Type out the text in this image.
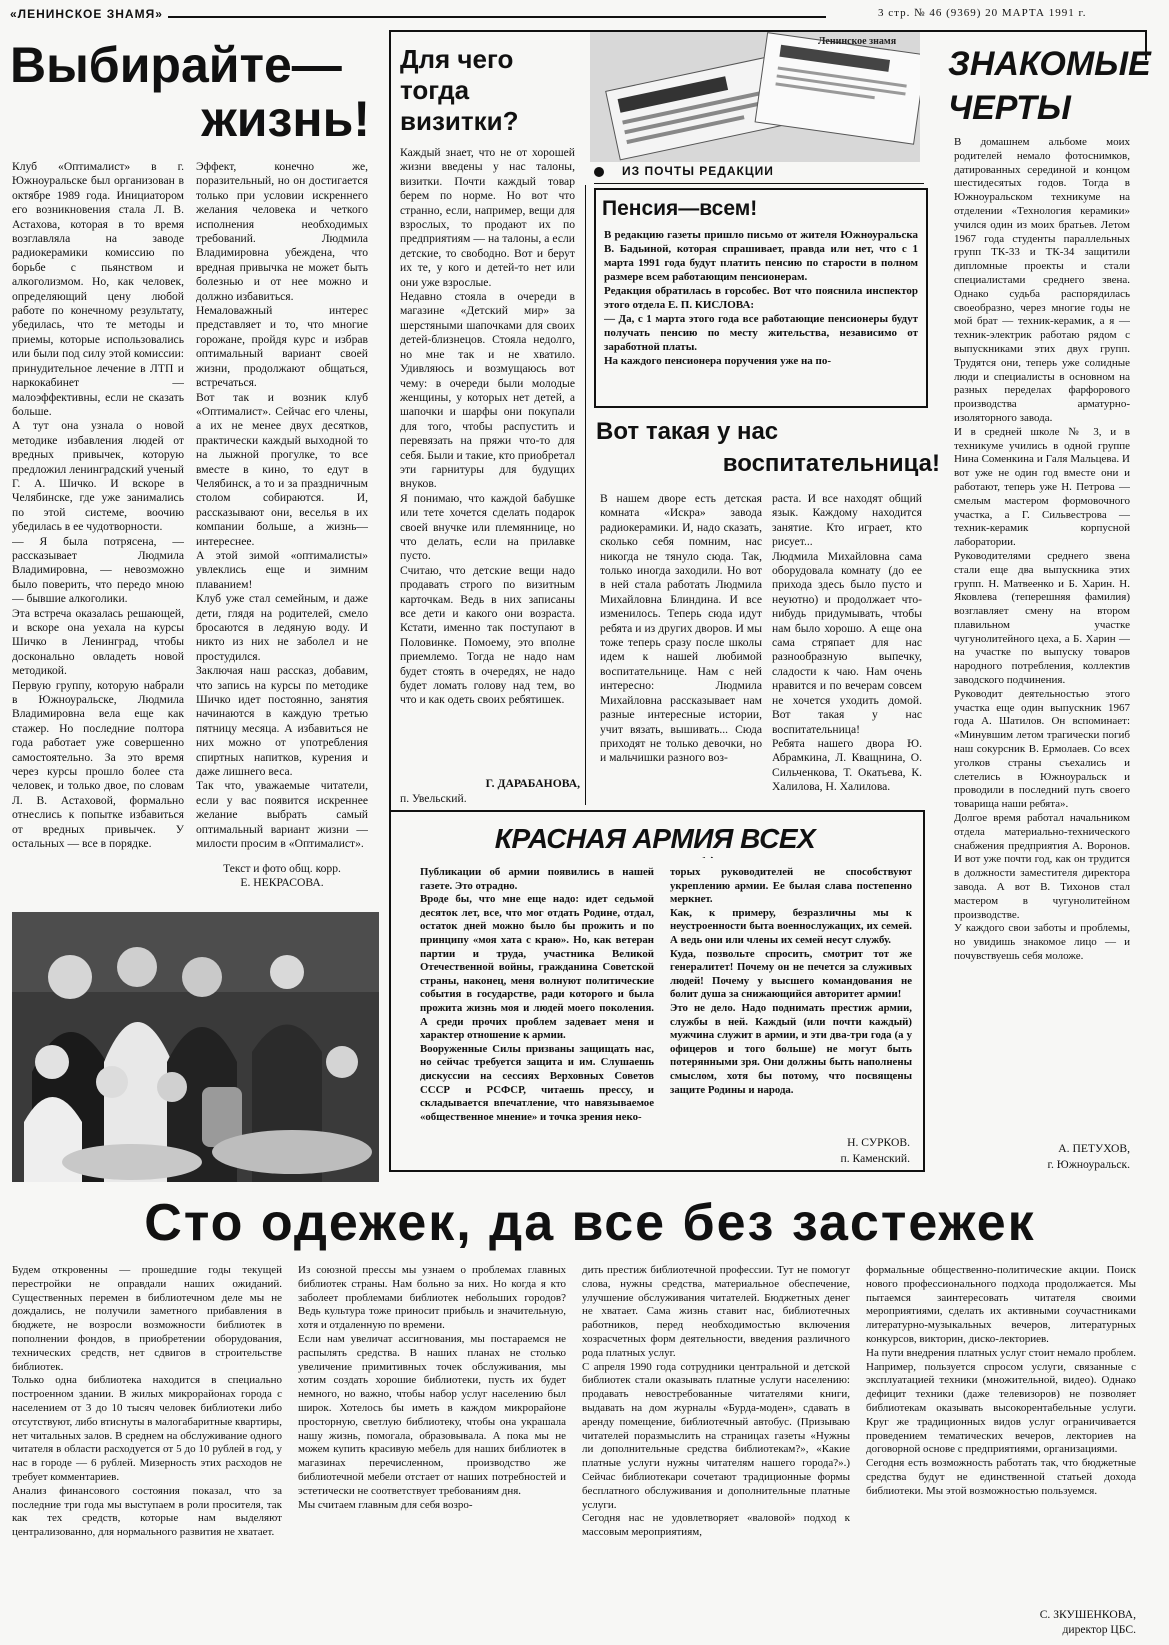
«ЛЕНИНСКОЕ ЗНАМЯ»	3 стр. № 46 (9369) 20 МАРТА 1991 г.
Выбирайте—
жизнь!
Клуб «Оптималист» в г. Южноуральске был организован в октябре 1989 года. Инициатором его возникновения стала Л. В. Астахова, которая в то время возглавляла на заводе радиокерамики комиссию по борьбе с пьянством и алкоголизмом. Но, как человек, определяющий цену любой работе по конечному результату, убедилась, что те методы и приемы, которые использовались или были под силу этой комиссии: принудительное лечение в ЛТП и наркокабинет — малоэффективны, если не сказать больше.
А тут она узнала о новой методике избавления людей от вредных привычек, которую предложил ленинградский ученый Г. А. Шичко. И вскоре в Челябинске, где уже занимались по этой системе, воочию убедилась в ее чудотворности.
— Я была потрясена, — рассказывает Людмила Владимировна, — невозможно было поверить, что передо мною — бывшие алкоголики.
Эта встреча оказалась решающей, и вскоре она уехала на курсы Шичко в Ленинград, чтобы досконально овладеть новой методикой.
Первую группу, которую набрали в Южноуральске, Людмила Владимировна вела еще как стажер. Но последние полтора года работает уже совершенно самостоятельно. За это время через курсы прошло более ста человек, и только двое, по словам Л. В. Астаховой, формально отнеслись к попытке избавиться от вредных привычек. У остальных — все в порядке.
Эффект, конечно же, поразительный, но он достигается только при условии искреннего желания человека и четкого исполнения необходимых требований. Людмила Владимировна убеждена, что вредная привычка не может быть болезнью и от нее можно и должно избавиться.
Немаловажный интерес представляет и то, что многие горожане, пройдя курс и избрав оптимальный вариант своей жизни, продолжают общаться, встречаться.
Вот так и возник клуб «Оптималист». Сейчас его члены, а их не менее двух десятков, практически каждый выходной то на лыжной прогулке, то все вместе в кино, то едут в Челябинск, а то и за праздничным столом собираются. И, рассказывают они, веселья в их компании больше, а жизнь—интереснее.
А этой зимой «оптималисты» увлеклись еще и зимним плаванием!
Клуб уже стал семейным, и даже дети, глядя на родителей, смело бросаются в ледяную воду. И никто из них не заболел и не простудился.
Заключая наш рассказ, добавим, что запись на курсы по методике Шичко идет постоянно, занятия начинаются в каждую третью пятницу месяца. А избавиться не них можно от употребления спиртных напитков, курения и даже лишнего веса.
Так что, уважаемые читатели, если у вас появится искреннее желание выбрать самый оптимальный вариант жизни — милости просим в «Оптималист».
Текст и фото общ. корр.
Е. НЕКРАСОВА.
Для чего тогда визитки?
Каждый знает, что не от хорошей жизни введены у нас талоны, визитки. Почти каждый товар берем по норме. Но вот что странно, если, например, вещи для взрослых, то продают их по предприятиям — на талоны, а если детские, то свободно. Вот и берут их те, у кого и детей-то нет или они уже взрослые.
Недавно стояла в очереди в магазине «Детский мир» за шерстяными шапочками для своих детей-близнецов. Стояла недолго, но мне так и не хватило. Удивляюсь и возмущаюсь вот чему: в очереди были молодые женщины, у которых нет детей, а шапочки и шарфы они покупали для того, чтобы распустить и перевязать на пряжи что-то для себя. Были и такие, кто приобретал эти гарнитуры для будущих внуков.
Я понимаю, что каждой бабушке или тете хочется сделать подарок своей внучке или племяннице, но что делать, если на прилавке пусто.
Считаю, что детские вещи надо продавать строго по визитным карточкам. Ведь в них записаны все дети и какого они возраста. Кстати, именно так поступают в Половинке. Помоему, это вполне приемлемо. Тогда не надо нам будет стоять в очередях, не надо будет ломать голову над тем, во что и как одеть своих ребятишек.
Г. ДАРАБАНОВА,
п. Увельский.
Ленинское знамя
ИЗ ПОЧТЫ РЕДАКЦИИ
Пенсия—всем!
В редакцию газеты пришло письмо от жителя Южноуральска В. Бадьиной, которая спрашивает, правда или нет, что с 1 марта 1991 года будут платить пенсию по старости в полном размере всем работающим пенсионерам.
Редакция обратилась в горсобес. Вот что пояснила инспектор этого отдела Е. П. КИСЛОВА:
— Да, с 1 марта этого года все работающие пенсионеры будут получать пенсию по месту жительства, независимо от заработной платы.
На каждого пенсионера поручения уже на по-
Вот такая у нас
воспитательница!
В нашем дворе есть детская комната «Искра» завода радиокерамики. И, надо сказать, сколько себя помним, нас никогда не тянуло сюда. Так, только иногда заходили. Но вот в ней стала работать Людмила Михайловна Блиндина. И все изменилось. Теперь сюда идут ребята и из других дворов. И мы тоже теперь сразу после школы идем к нашей любимой воспитательнице. Нам с ней интересно: Людмила Михайловна рассказывает нам разные интересные истории, учит вязать, вышивать... Сюда приходят не только девочки, но и мальчишки разного воз-
раста. И все находят общий язык. Каждому находится занятие. Кто играет, кто рисует...
Людмила Михайловна сама оборудовала комнату (до ее прихода здесь было пусто и неуютно) и продолжает что-нибудь придумывать, чтобы нам было хорошо. А еще она сама стряпает для нас разнообразную выпечку, сладости к чаю. Нам очень нравится и по вечерам совсем не хочется уходить домой. Вот такая у нас воспитательница!
Ребята нашего двора Ю. Абрамкина, Л. Кващнина, О. Сильченкова, Т. Окатьева, К. Халилова, Н. Халилова.
КРАСНАЯ АРМИЯ ВСЕХ
Публикации об армии появились в нашей газете. Это отрадно.
Вроде бы, что мне еще надо: идет седьмой десяток лет, все, что мог отдать Родине, отдал, остаток дней можно было бы прожить и по принципу «моя хата с краю». Но, как ветеран партии и труда, участника Великой Отечественной войны, гражданина Советской страны, наконец, меня волнуют политические события в государстве, ради которого и была прожита жизнь моя и людей моего поколения. А среди прочих проблем задевает меня и характер отношение к армии.
Вооруженные Силы призваны защищать нас, но сейчас требуется защита и им. Слушаешь дискуссии на сессиях Верховных Советов СССР и РСФСР, читаешь прессу, и складывается впечатление, что навязываемое «общественное мнение» и точка зрения неко-
торых руководителей не способствуют укреплению армии. Ее былая слава постепенно меркнет.
Как, к примеру, безразличны мы к неустроенности быта военнослужащих, их семей. А ведь они или члены их семей несут службу.
Куда, позвольте спросить, смотрит тот же генералитет! Почему он не печется за служивых людей! Почему у высшего командования не болит душа за снижающийся авторитет армии!
Это не дело. Надо поднимать престиж армии, службы в ней. Каждый (или почти каждый) мужчина служит в армии, и эти два-три года (а у офицеров и того больше) не могут быть потерянными зря. Они должны быть наполнены смыслом, хотя бы потому, что посвящены защите Родины и народа.
Н. СУРКОВ.
п. Каменский.
ЗНАКОМЫЕ
ЧЕРТЫ
В домашнем альбоме моих родителей немало фотоснимков, датированных серединой и концом шестидесятых годов. Тогда в Южноуральском техникуме на отделении «Технология керамики» учился один из моих братьев. Летом 1967 года студенты параллельных групп ТК-33 и ТК-34 защитили дипломные проекты и стали специалистами среднего звена. Однако судьба распорядилась своеобразно, через многие годы не мой брат — техник-керамик, а я — техник-электрик работаю рядом с выпускниками этих двух групп. Трудятся они, теперь уже солидные люди и специалисты в основном на разных переделах фарфорового производства арматурно-изоляторного завода.
И в средней школе № 3, и в техникуме учились в одной группе Нина Соменкина и Галя Мальцева. И вот уже не один год вместе они и работают, теперь уже Н. Петрова — смелым мастером формовочного участка, а Г. Сильвестрова — техник-керамик корпусной лаборатории.
Руководителями среднего звена стали еще два выпускника этих групп. Н. Матвеенко и Б. Харин. Н. Яковлева (теперешняя фамилия) возглавляет смену на втором плавильном участке чугунолитейного цеха, а Б. Харин — на участке по выпуску товаров народного потребления, коллектив заводского подчинения.
Руководит деятельностью этого участка еще один выпускник 1967 года А. Шатилов. Он вспоминает: «Минувшим летом трагически погиб наш сокурсник В. Ермолаев. Со всех уголков страны съехались и слетелись в Южноуральск и проводили в последний путь своего товарища наши ребята».
Долгое время работал начальником отдела материально-технического снабжения предприятия А. Воронов. И вот уже почти год, как он трудится в должности заместителя директора завода. А вот В. Тихонов стал мастером в чугунолитейном производстве.
У каждого свои заботы и проблемы, но увидишь знакомое лицо — и почувствуешь себя моложе.
А. ПЕТУХОВ,
г. Южноуральск.
Сто одежек, да все без застежек
Будем откровенны — прошедшие годы текущей перестройки не оправдали наших ожиданий. Существенных перемен в библиотечном деле мы не дождались, не получили заметного прибавления в бюджете, не возросли возможности библиотек в пополнении фондов, в приобретении оборудования, технических средств, нет сдвигов в строительстве библиотек.
Только одна библиотека находится в специально построенном здании. В жилых микрорайонах города с населением от 3 до 10 тысяч человек библиотеки либо отсутствуют, либо втиснуты в малогабаритные квартиры, нет читальных залов. В среднем на обслуживание одного читателя в области расходуется от 5 до 10 рублей в год, у нас в городе — 6 рублей. Мизерность этих расходов не требует комментариев.
Анализ финансового состояния показал, что за последние три года мы выступаем в роли просителя, так как тех средств, которые нам выделяют централизованно, для нормального развития не хватает.
Из союзной прессы мы узнаем о проблемах главных библиотек страны. Нам больно за них. Но когда я кто заболеет проблемами библиотек небольших городов? Ведь культура тоже приносит прибыль и значительную, хотя и отдаленную по времени.
Если нам увеличат ассигнования, мы постараемся не распылять средства. В наших планах не столько увеличение примитивных точек обслуживания, мы хотим создать хорошие библиотеки, пусть их будет немного, но важно, чтобы набор услуг населению был широк. Хотелось бы иметь в каждом микрорайоне просторную, светлую библиотеку, чтобы она украшала нашу жизнь, помогала, образовывала. А пока мы не можем купить красивую мебель для наших библиотек в магазинах перечисленном, производство же библиотечной мебели отстает от наших потребностей и эстетически не соответствует требованиям дня.
Мы считаем главным для себя возро-
дить престиж библиотечной профессии. Тут не помогут слова, нужны средства, материальное обеспечение, улучшение обслуживания читателей. Бюджетных денег не хватает. Сама жизнь ставит нас, библиотечных работников, перед необходимостью включения хозрасчетных форм деятельности, введения различного рода платных услуг.
С апреля 1990 года сотрудники центральной и детской библиотек стали оказывать платные услуги населению: продавать невостребованные читателями книги, выдавать на дом журналы «Бурда-моден», сдавать в аренду помещение, библиотечный автобус. (Призываю читателей поразмыслить на страницах газеты «Нужны ли дополнительные средства библиотекам?», «Какие платные услуги нужны читателям нашего города?».) Сейчас библиотекари сочетают традиционные формы бесплатного обслуживания и дополнительные платные услуги.
Сегодня нас не удовлетворяет «валовой» подход к массовым мероприятиям,
формальные общественно-политические акции. Поиск нового профессионального подхода продолжается. Мы пытаемся заинтересовать читателя своими мероприятиями, сделать их активными соучастниками литературно-музыкальных вечеров, литературных конкурсов, викторин, диско-лекториев.
На пути внедрения платных услуг стоит немало проблем. Например, пользуется спросом услуги, связанные с эксплуатацией техники (множительной, видео). Однако дефицит техники (даже телевизоров) не позволяет библиотекам оказывать высокорентабельные услуги. Круг же традиционных видов услуг ограничивается проведением тематических вечеров, лекториев на договорной основе с предприятиями, организациями.
Сегодня есть возможность работать так, что бюджетные средства будут не единственной статьей дохода библиотеки. Мы этой возможностью пользуемся.
С. ЗКУШЕНКОВА,
директор ЦБС.
